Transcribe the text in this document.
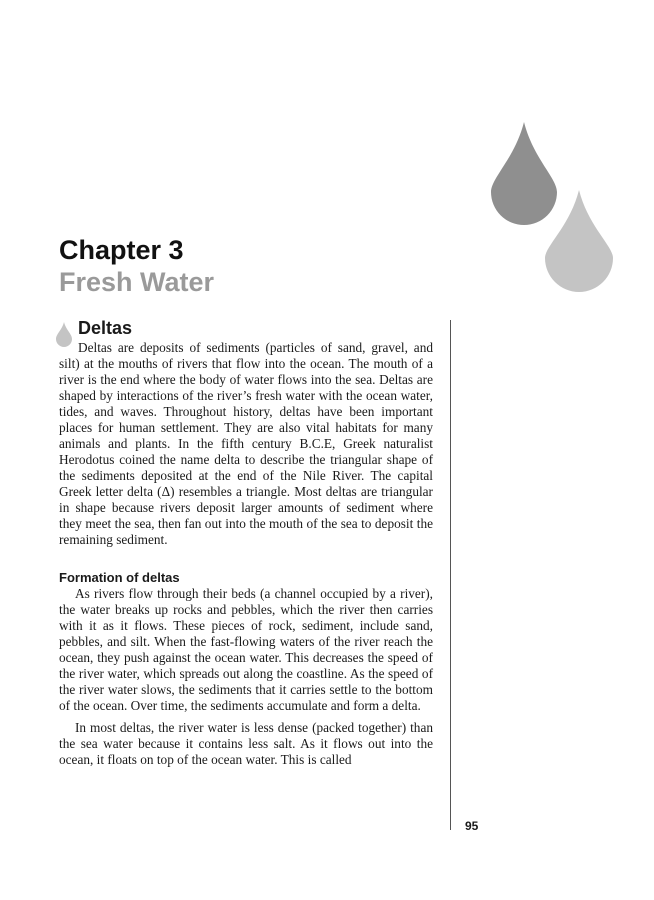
Chapter 3
Fresh Water
Deltas

Deltas are deposits of sediments (particles of sand, gravel, and silt) at the mouths of rivers that flow into the ocean. The mouth of a river is the end where the body of water flows into the sea. Deltas are shaped by interactions of the river’s fresh water with the ocean water, tides, and waves. Throughout history, deltas have been important places for human settlement. They are also vital habitats for many animals and plants. In the fifth century B.C.E, Greek naturalist Herodotus coined the name delta to describe the triangular shape of the sediments deposited at the end of the Nile River. The capital Greek letter delta (Δ) resembles a triangle. Most deltas are triangular in shape because rivers deposit larger amounts of sediment where they meet the sea, then fan out into the mouth of the sea to deposit the remaining sediment.

Formation of deltas

As rivers flow through their beds (a channel occupied by a river), the water breaks up rocks and pebbles, which the river then carries with it as it flows. These pieces of rock, sediment, include sand, pebbles, and silt. When the fast-flowing waters of the river reach the ocean, they push against the ocean water. This decreases the speed of the river water, which spreads out along the coastline. As the speed of the river water slows, the sediments that it carries settle to the bottom of the ocean. Over time, the sediments accumulate and form a delta.

In most deltas, the river water is less dense (packed together) than the sea water because it contains less salt. As it flows out into the ocean, it floats on top of the ocean water. This is called

95
